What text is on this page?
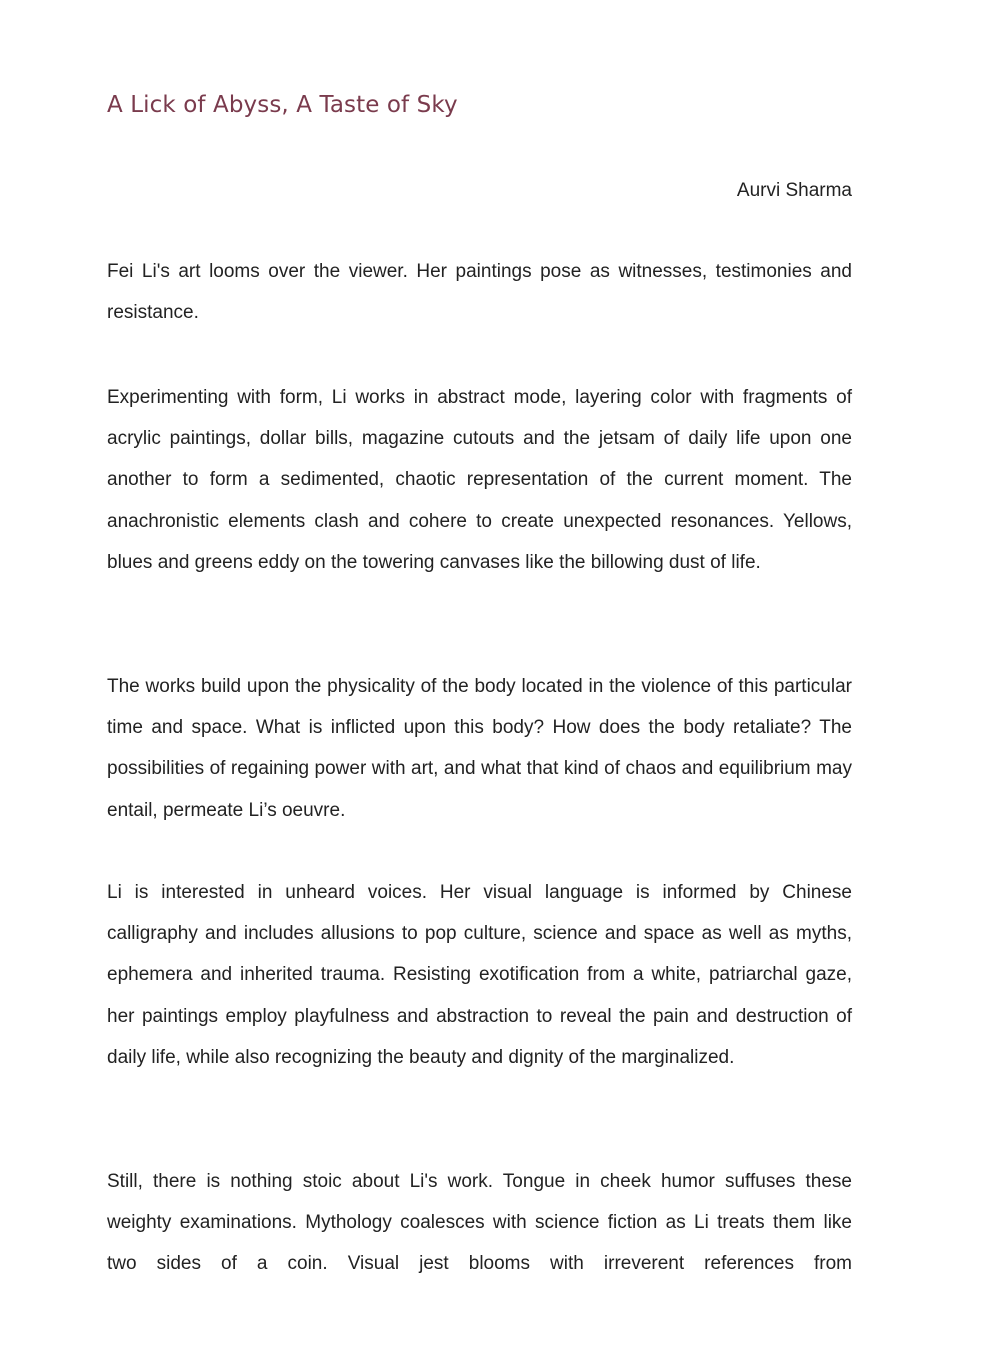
A Lick of Abyss, A Taste of Sky
Aurvi Sharma

Fei Li's art looms over the viewer. Her paintings pose as witnesses, testimonies and resistance.

Experimenting with form, Li works in abstract mode, layering color with fragments of acrylic paintings, dollar bills, magazine cutouts and the jetsam of daily life upon one another to form a sedimented, chaotic representation of the current moment. The anachronistic elements clash and cohere to create unexpected resonances. Yellows, blues and greens eddy on the towering canvases like the billowing dust of life.

The works build upon the physicality of the body located in the violence of this particular time and space. What is inflicted upon this body? How does the body retaliate? The possibilities of regaining power with art, and what that kind of chaos and equilibrium may entail, permeate Li’s oeuvre.

Li is interested in unheard voices. Her visual language is informed by Chinese calligraphy and includes allusions to pop culture, science and space as well as myths, ephemera and inherited trauma. Resisting exotification from a white, patriarchal gaze, her paintings employ playfulness and abstraction to reveal the pain and destruction of daily life, while also recognizing the beauty and dignity of the marginalized.

Still, there is nothing stoic about Li's work. Tongue in cheek humor suffuses these weighty examinations. Mythology coalesces with science fiction as Li treats them like two sides of a coin. Visual jest blooms with irreverent references from
